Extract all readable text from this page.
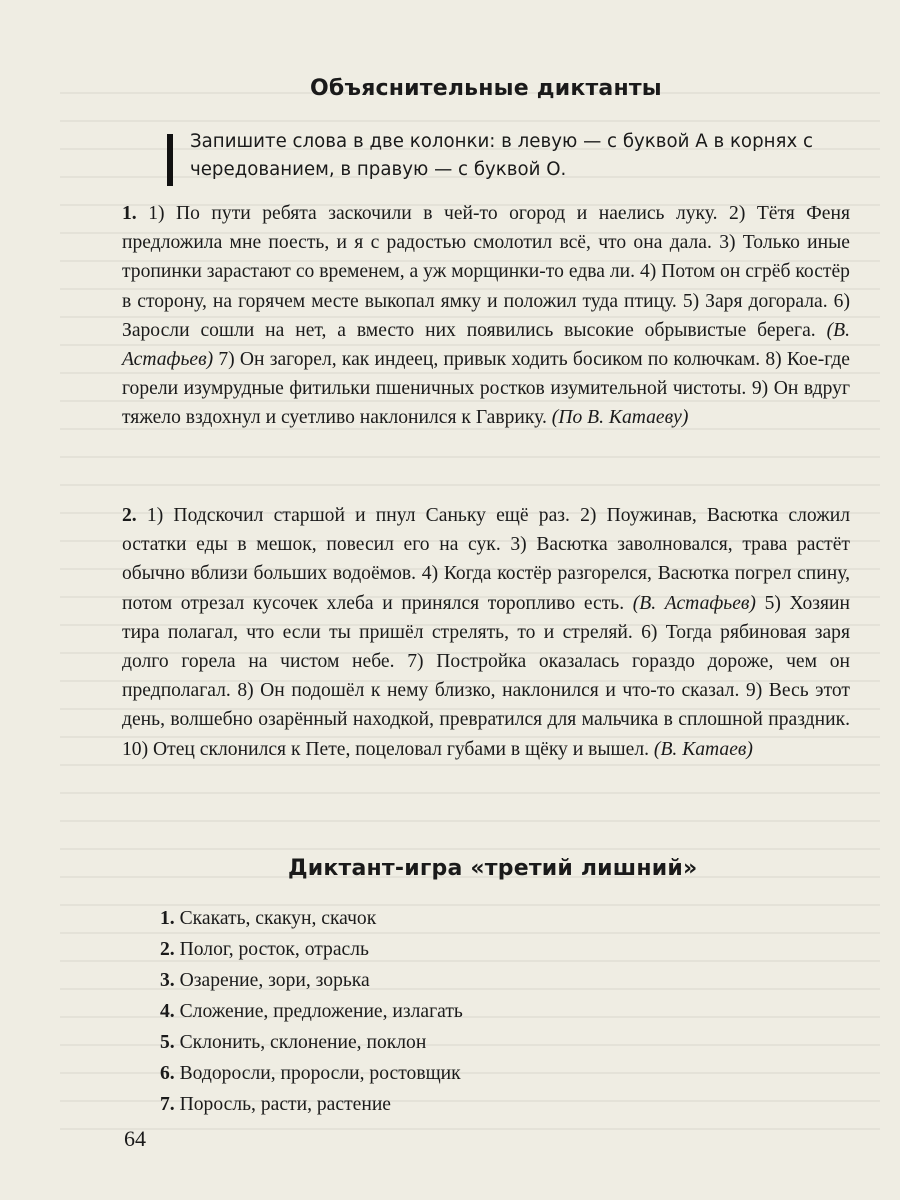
Объяснительные диктанты
Запишите слова в две колонки: в левую — с буквой А в корнях с чередованием, в правую — с буквой О.
1. 1) По пути ребята заскочили в чей-то огород и наелись луку. 2) Тётя Феня предложила мне поесть, и я с радостью смолотил всё, что она дала. 3) Только иные тропинки зарастают со временем, а уж морщинки-то едва ли. 4) Потом он сгрёб костёр в сторону, на горячем месте выкопал ямку и положил туда птицу. 5) Заря догорала. 6) Заросли сошли на нет, а вместо них появились высокие обрывистые берега. (В. Астафьев) 7) Он загорел, как индеец, привык ходить босиком по колючкам. 8) Кое-где горели изумрудные фитильки пшеничных ростков изумительной чистоты. 9) Он вдруг тяжело вздохнул и суетливо наклонился к Гаврику. (По В. Катаеву)
2. 1) Подскочил старшой и пнул Саньку ещё раз. 2) Поужинав, Васютка сложил остатки еды в мешок, повесил его на сук. 3) Васютка заволновался, трава растёт обычно вблизи больших водоёмов. 4) Когда костёр разгорелся, Васютка погрел спину, потом отрезал кусочек хлеба и принялся торопливо есть. (В. Астафьев) 5) Хозяин тира полагал, что если ты пришёл стрелять, то и стреляй. 6) Тогда рябиновая заря долго горела на чистом небе. 7) Постройка оказалась гораздо дороже, чем он предполагал. 8) Он подошёл к нему близко, наклонился и что-то сказал. 9) Весь этот день, волшебно озарённый находкой, превратился для мальчика в сплошной праздник.10) Отец склонился к Пете, поцеловал губами в щёку и вышел. (В. Катаев)
Диктант-игра «третий лишний»
1. Скакать, скакун, скачок
2. Полог, росток, отрасль
3. Озарение, зори, зорька
4. Сложение, предложение, излагать
5. Склонить, склонение, поклон
6. Водоросли, проросли, ростовщик
7. Поросль, расти, растение
64
